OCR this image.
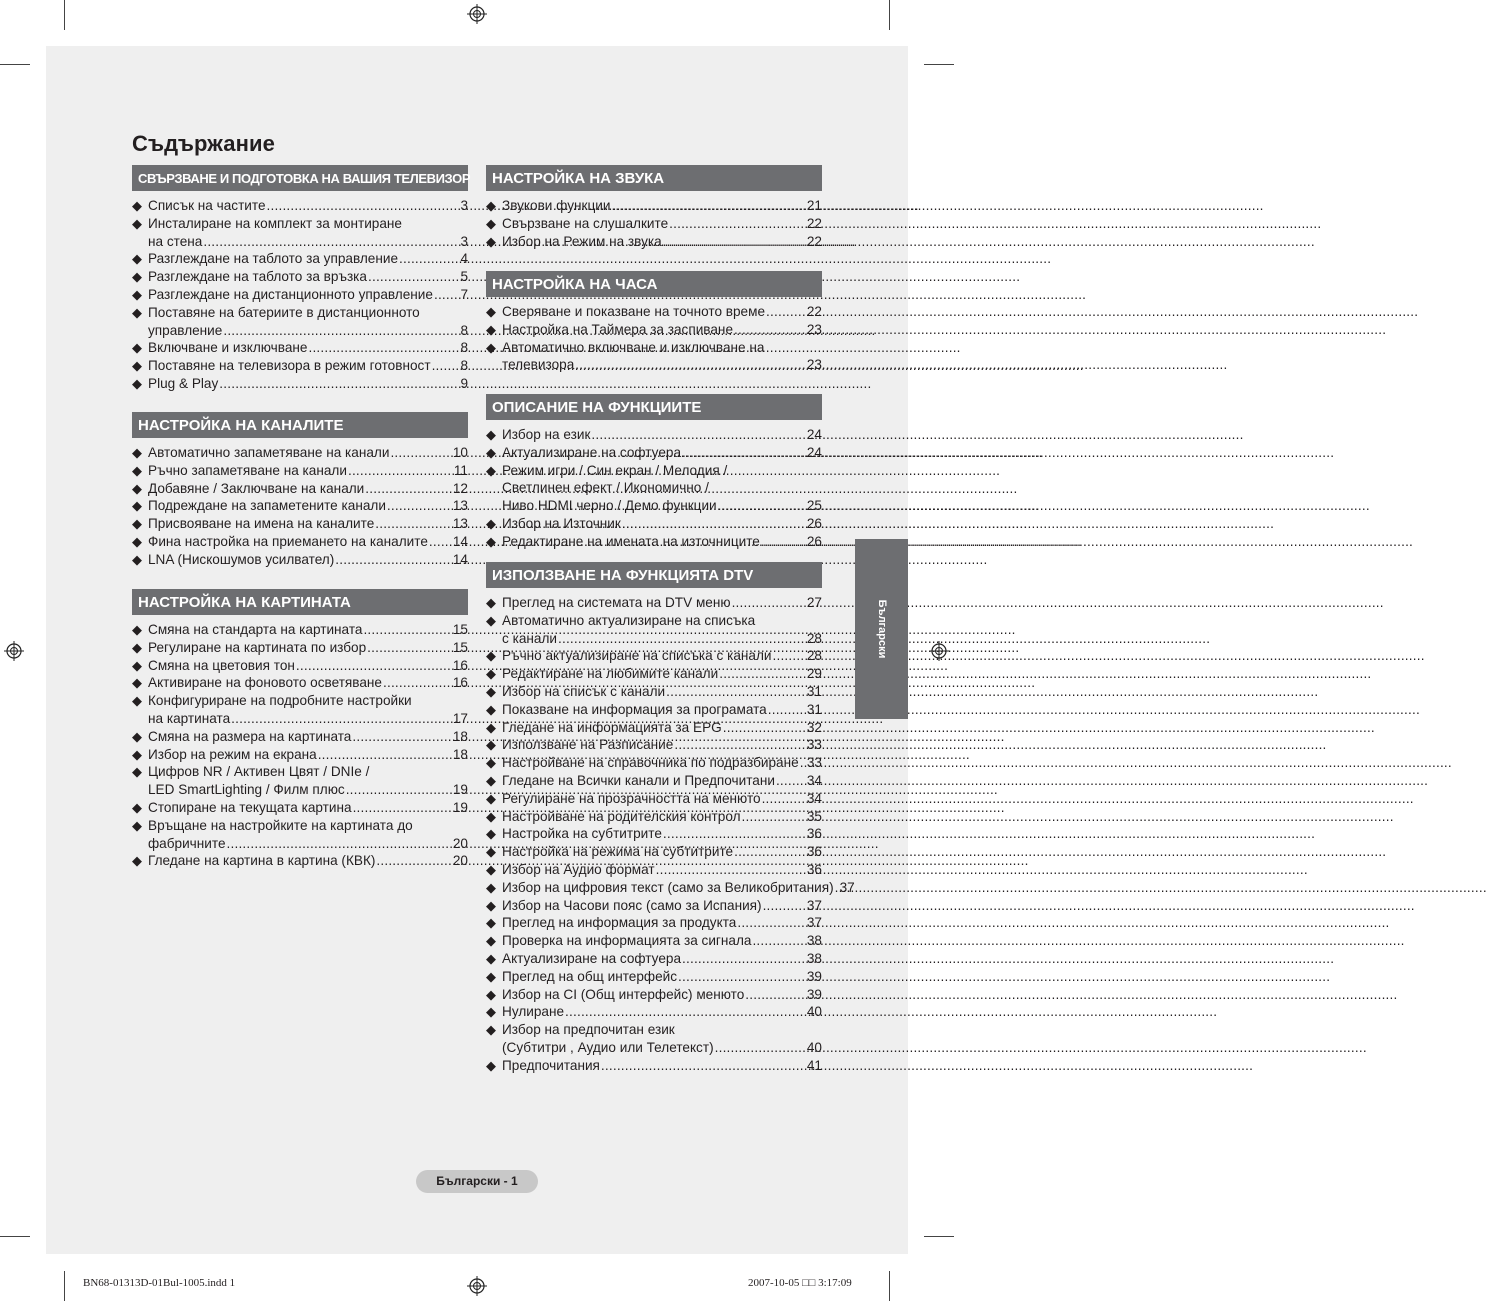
Съдържание
СВЪРЗВАНЕ И ПОДГОТОВКА НА ВАШИЯ ТЕЛЕВИЗОР
◆ Списък на частите .....	3
◆ Инсталиране на комплект за монтиране
на стена .....	3
◆ Разглеждане на таблото за управление .....	4
◆ Разглеждане на таблото за връзка .....	5
◆ Разглеждане на дистанционното управление ..... 7
◆ Поставяне на батериите в дистанционното
управление .....	8
◆ Включване и изключване .....	8
◆ Поставяне на телевизора в режим готовност ..... 8
◆ Plug & Play .....	9
НАСТРОЙКА НА КАНАЛИТЕ
◆ Автоматично запаметяване на канали .....	10
◆ Ръчно запаметяване на канали .....	11
◆ Добавяне / Заключване на канали .....	12
◆ Подреждане на запаметените канали .....	13
◆ Присвояване на имена на каналите .....	13
◆ Фина настройка на приемането на каналите ..... 14
◆ LNA (Нискошумов усилвател) .....	14
НАСТРОЙКА НА КАРТИНАТА
◆ Смяна на стандарта на картината .....	15
◆ Регулиране на картината по избор .....	15
◆ Смяна на цветовия тон .....	16
◆ Активиране на фоновото осветяване .....	16
◆ Конфигуриране на подробните настройки
на картината .....	17
◆ Смяна на размера на картината .....	18
◆ Избор на режим на екрана .....	18
◆ Цифров NR / Активен Цвят / DNIe /
LED SmartLighting / Филм плюс .....	19
◆ Стопиране на текущата картина .....	19
◆ Връщане на настройките на картината до
фабричните .....	20
◆ Гледане на картина в картина (КВК) .....	20
НАСТРОЙКА НА ЗВУКА
◆ Звукови функции .....	21
◆ Свързване на слушалките .....	22
◆ Избор на Режим на звука .....	22
НАСТРОЙКА НА ЧАСА
◆ Сверяване и показване на точното време .....	22
◆ Настройка на Таймера за заспиване .....	23
◆ Автоматично включване и изключване на
телевизора .....	23
ОПИСАНИЕ НА ФУНКЦИИТЕ
◆ Избор на език .....	24
◆ Актуализиране на софтуера .....	24
◆ Режим игри / Син екран / Мелодия /
Светлинен ефект / Икономично /
Ниво HDMI черно / Демо функции .....	25
◆ Избор на Източник .....	26
◆ Редактиране на имената на източниците .....	26
ИЗПОЛЗВАНЕ НА ФУНКЦИЯТА DTV
◆ Преглед на системата на DTV меню .....	27
◆ Автоматично актуализиране на списъка
с канали .....	28
◆ Ръчно актуализиране на списъка с канали .....	28
◆ Редактиране на любимите канали .....	29
◆ Избор на списък с канали .....	31
◆ Показване на информация за програмата .....	31
◆ Гледане на информацията за EPG .....	32
◆ Използване на Разписание .....	33
◆ Настройване на справочника по подразбиране ..... 33
◆ Гледане на Всички канали и Предпочитани ..... 34
◆ Регулиране на прозрачността на менюто .....	34
◆ Настройване на родителския контрол .....	35
◆ Настройка на субтитрите .....	36
◆ Настройка на режима на субтитрите .....	36
◆ Избор на Аудио формат .....	36
◆ Избор на цифровия текст (само за Великобритания) ..... 37
◆ Избор на Часови пояс (само за Испания) .....	37
◆ Преглед на информация за продукта .....	37
◆ Проверка на информацията за сигнала .....	38
◆ Актуализиране на софтуера .....	38
◆ Преглед на общ интерфейс .....	39
◆ Избор на CI (Общ интерфейс) менюто .....	39
◆ Нулиране .....	40
◆ Избор на предпочитан език
(Субтитри , Аудио или Телетекст) .....	40
◆ Предпочитания .....	41
Български
Български - 1
BN68-01313D-01Bul-1005.indd 1	2007-10-05 □□ 3:17:09
